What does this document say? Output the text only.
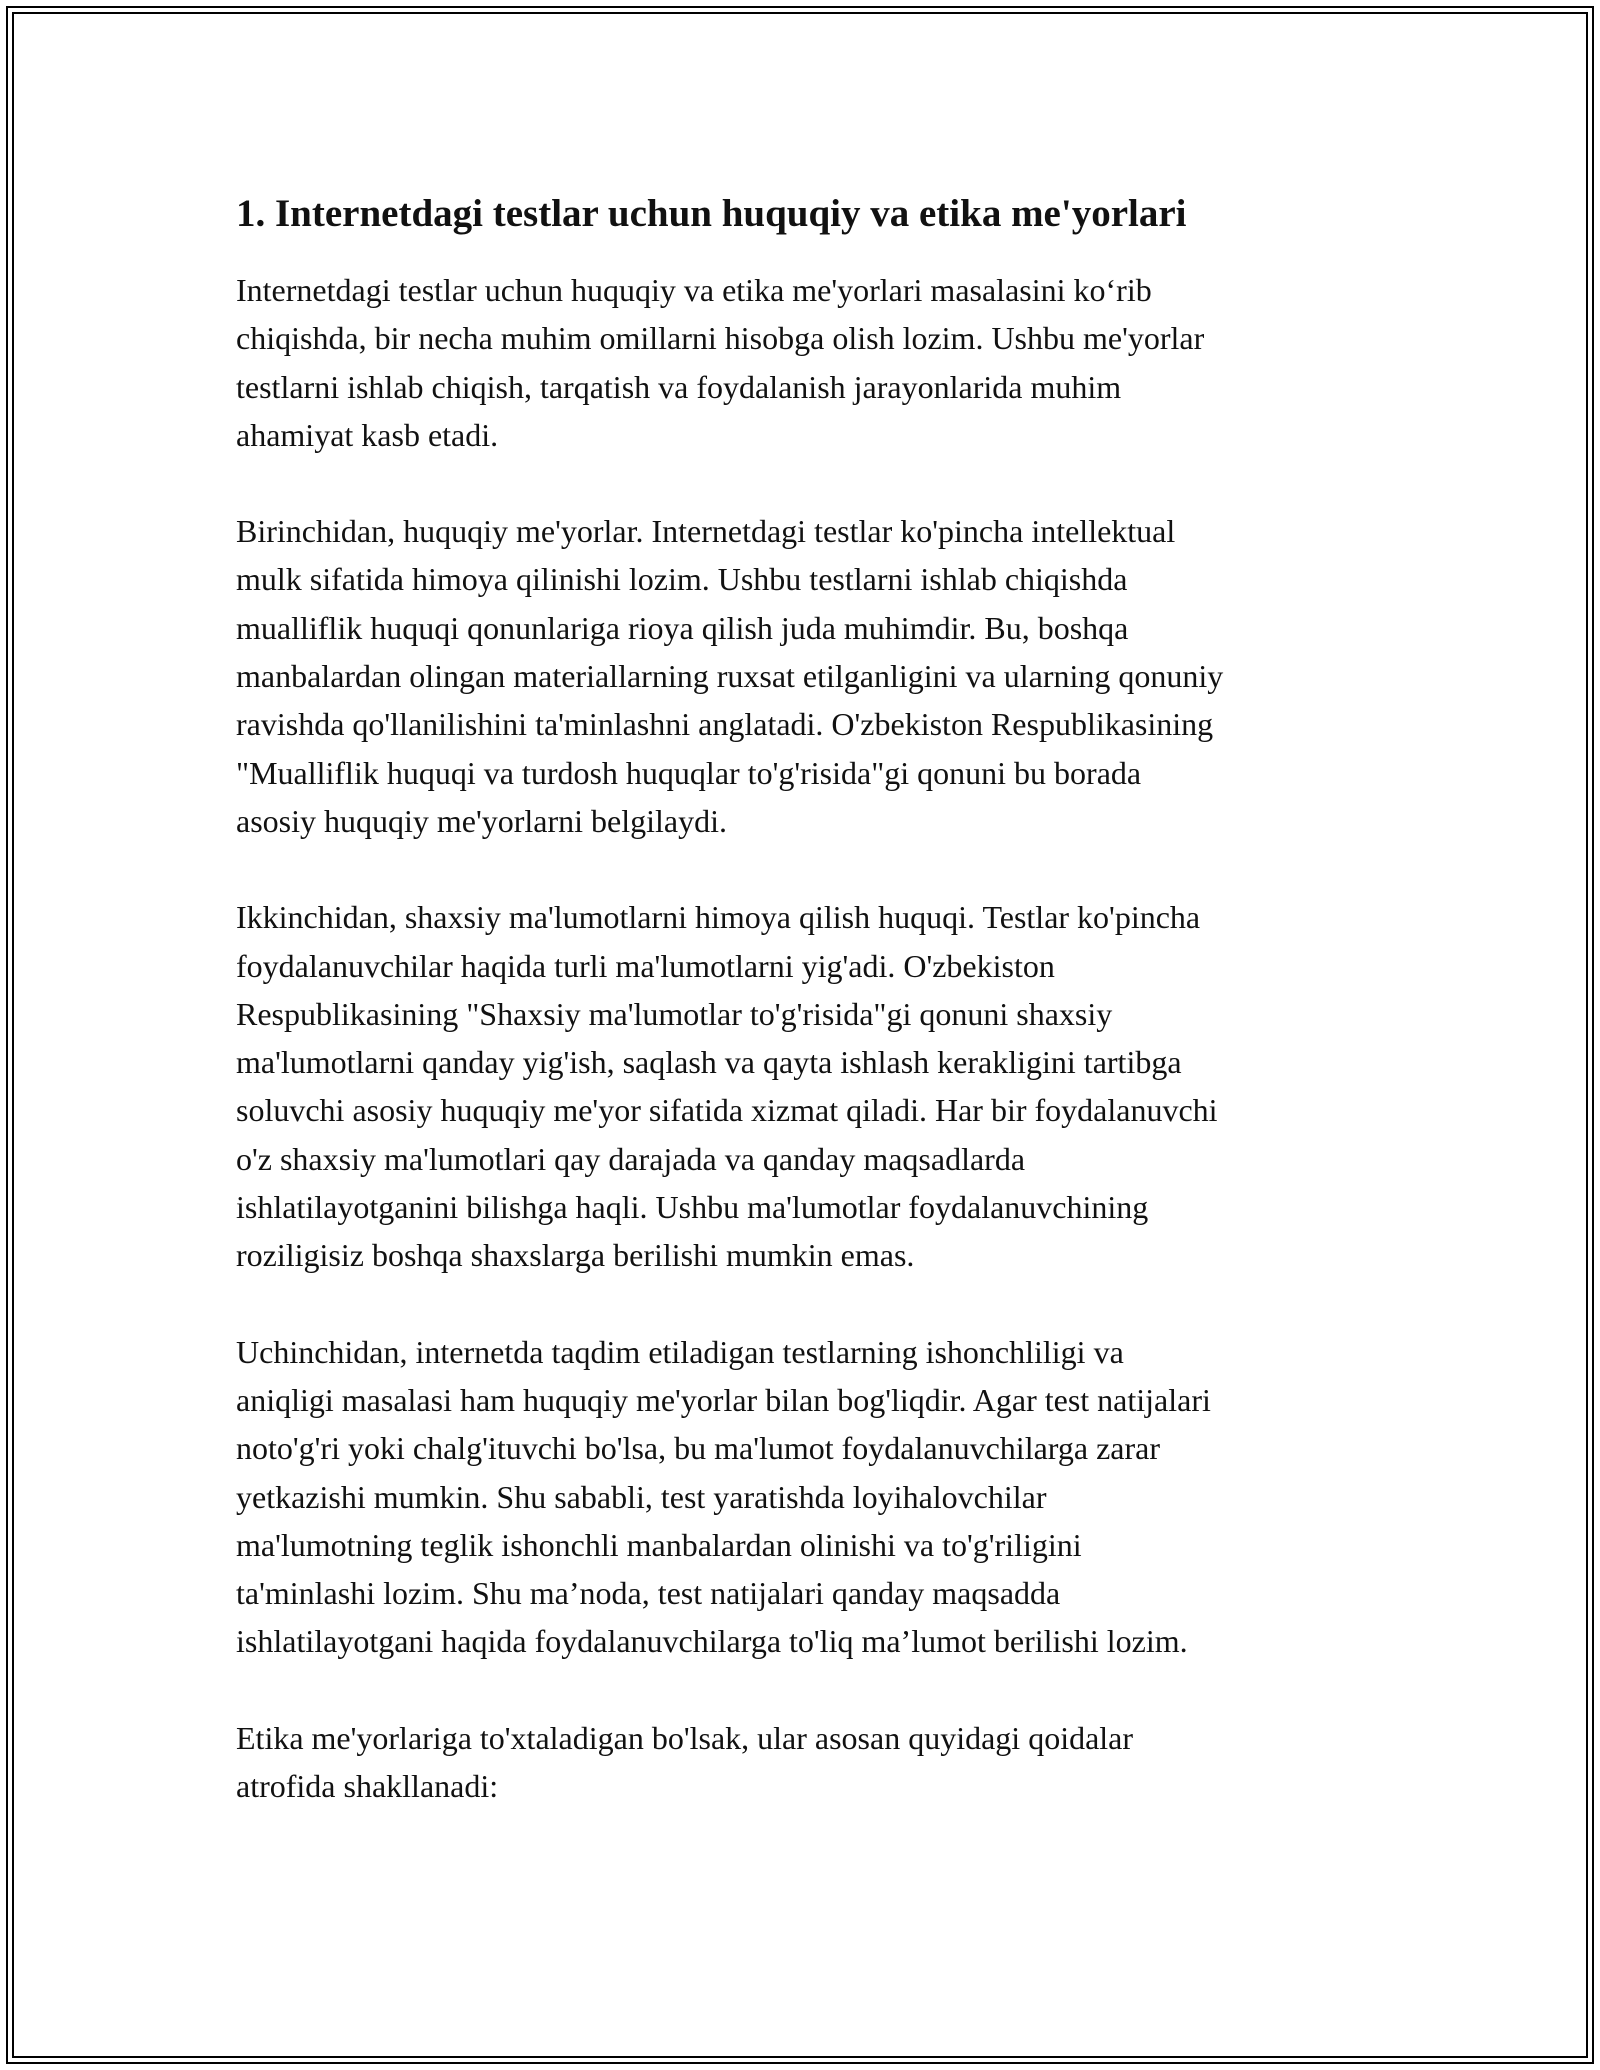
1. Internetdagi testlar uchun huquqiy va etika me'yorlari
Internetdagi testlar uchun huquqiy va etika me'yorlari masalasini ko‘rib
chiqishda, bir necha muhim omillarni hisobga olish lozim. Ushbu me'yorlar
testlarni ishlab chiqish, tarqatish va foydalanish jarayonlarida muhim
ahamiyat kasb etadi.
Birinchidan, huquqiy me'yorlar. Internetdagi testlar ko'pincha intellektual
mulk sifatida himoya qilinishi lozim. Ushbu testlarni ishlab chiqishda
mualliflik huquqi qonunlariga rioya qilish juda muhimdir. Bu, boshqa
manbalardan olingan materiallarning ruxsat etilganligini va ularning qonuniy
ravishda qo'llanilishini ta'minlashni anglatadi. O'zbekiston Respublikasining
"Mualliflik huquqi va turdosh huquqlar to'g'risida"gi qonuni bu borada
asosiy huquqiy me'yorlarni belgilaydi.
Ikkinchidan, shaxsiy ma'lumotlarni himoya qilish huquqi. Testlar ko'pincha
foydalanuvchilar haqida turli ma'lumotlarni yig'adi. O'zbekiston
Respublikasining "Shaxsiy ma'lumotlar to'g'risida"gi qonuni shaxsiy
ma'lumotlarni qanday yig'ish, saqlash va qayta ishlash kerakligini tartibga
soluvchi asosiy huquqiy me'yor sifatida xizmat qiladi. Har bir foydalanuvchi
o'z shaxsiy ma'lumotlari qay darajada va qanday maqsadlarda
ishlatilayotganini bilishga haqli. Ushbu ma'lumotlar foydalanuvchining
roziligisiz boshqa shaxslarga berilishi mumkin emas.
Uchinchidan, internetda taqdim etiladigan testlarning ishonchliligi va
aniqligi masalasi ham huquqiy me'yorlar bilan bog'liqdir. Agar test natijalari
noto'g'ri yoki chalg'ituvchi bo'lsa, bu ma'lumot foydalanuvchilarga zarar
yetkazishi mumkin. Shu sababli, test yaratishda loyihalovchilar
ma'lumotning teglik ishonchli manbalardan olinishi va to'g'riligini
ta'minlashi lozim. Shu ma’noda, test natijalari qanday maqsadda
ishlatilayotgani haqida foydalanuvchilarga to'liq ma’lumot berilishi lozim.
Etika me'yorlariga to'xtaladigan bo'lsak, ular asosan quyidagi qoidalar
atrofida shakllanadi:
